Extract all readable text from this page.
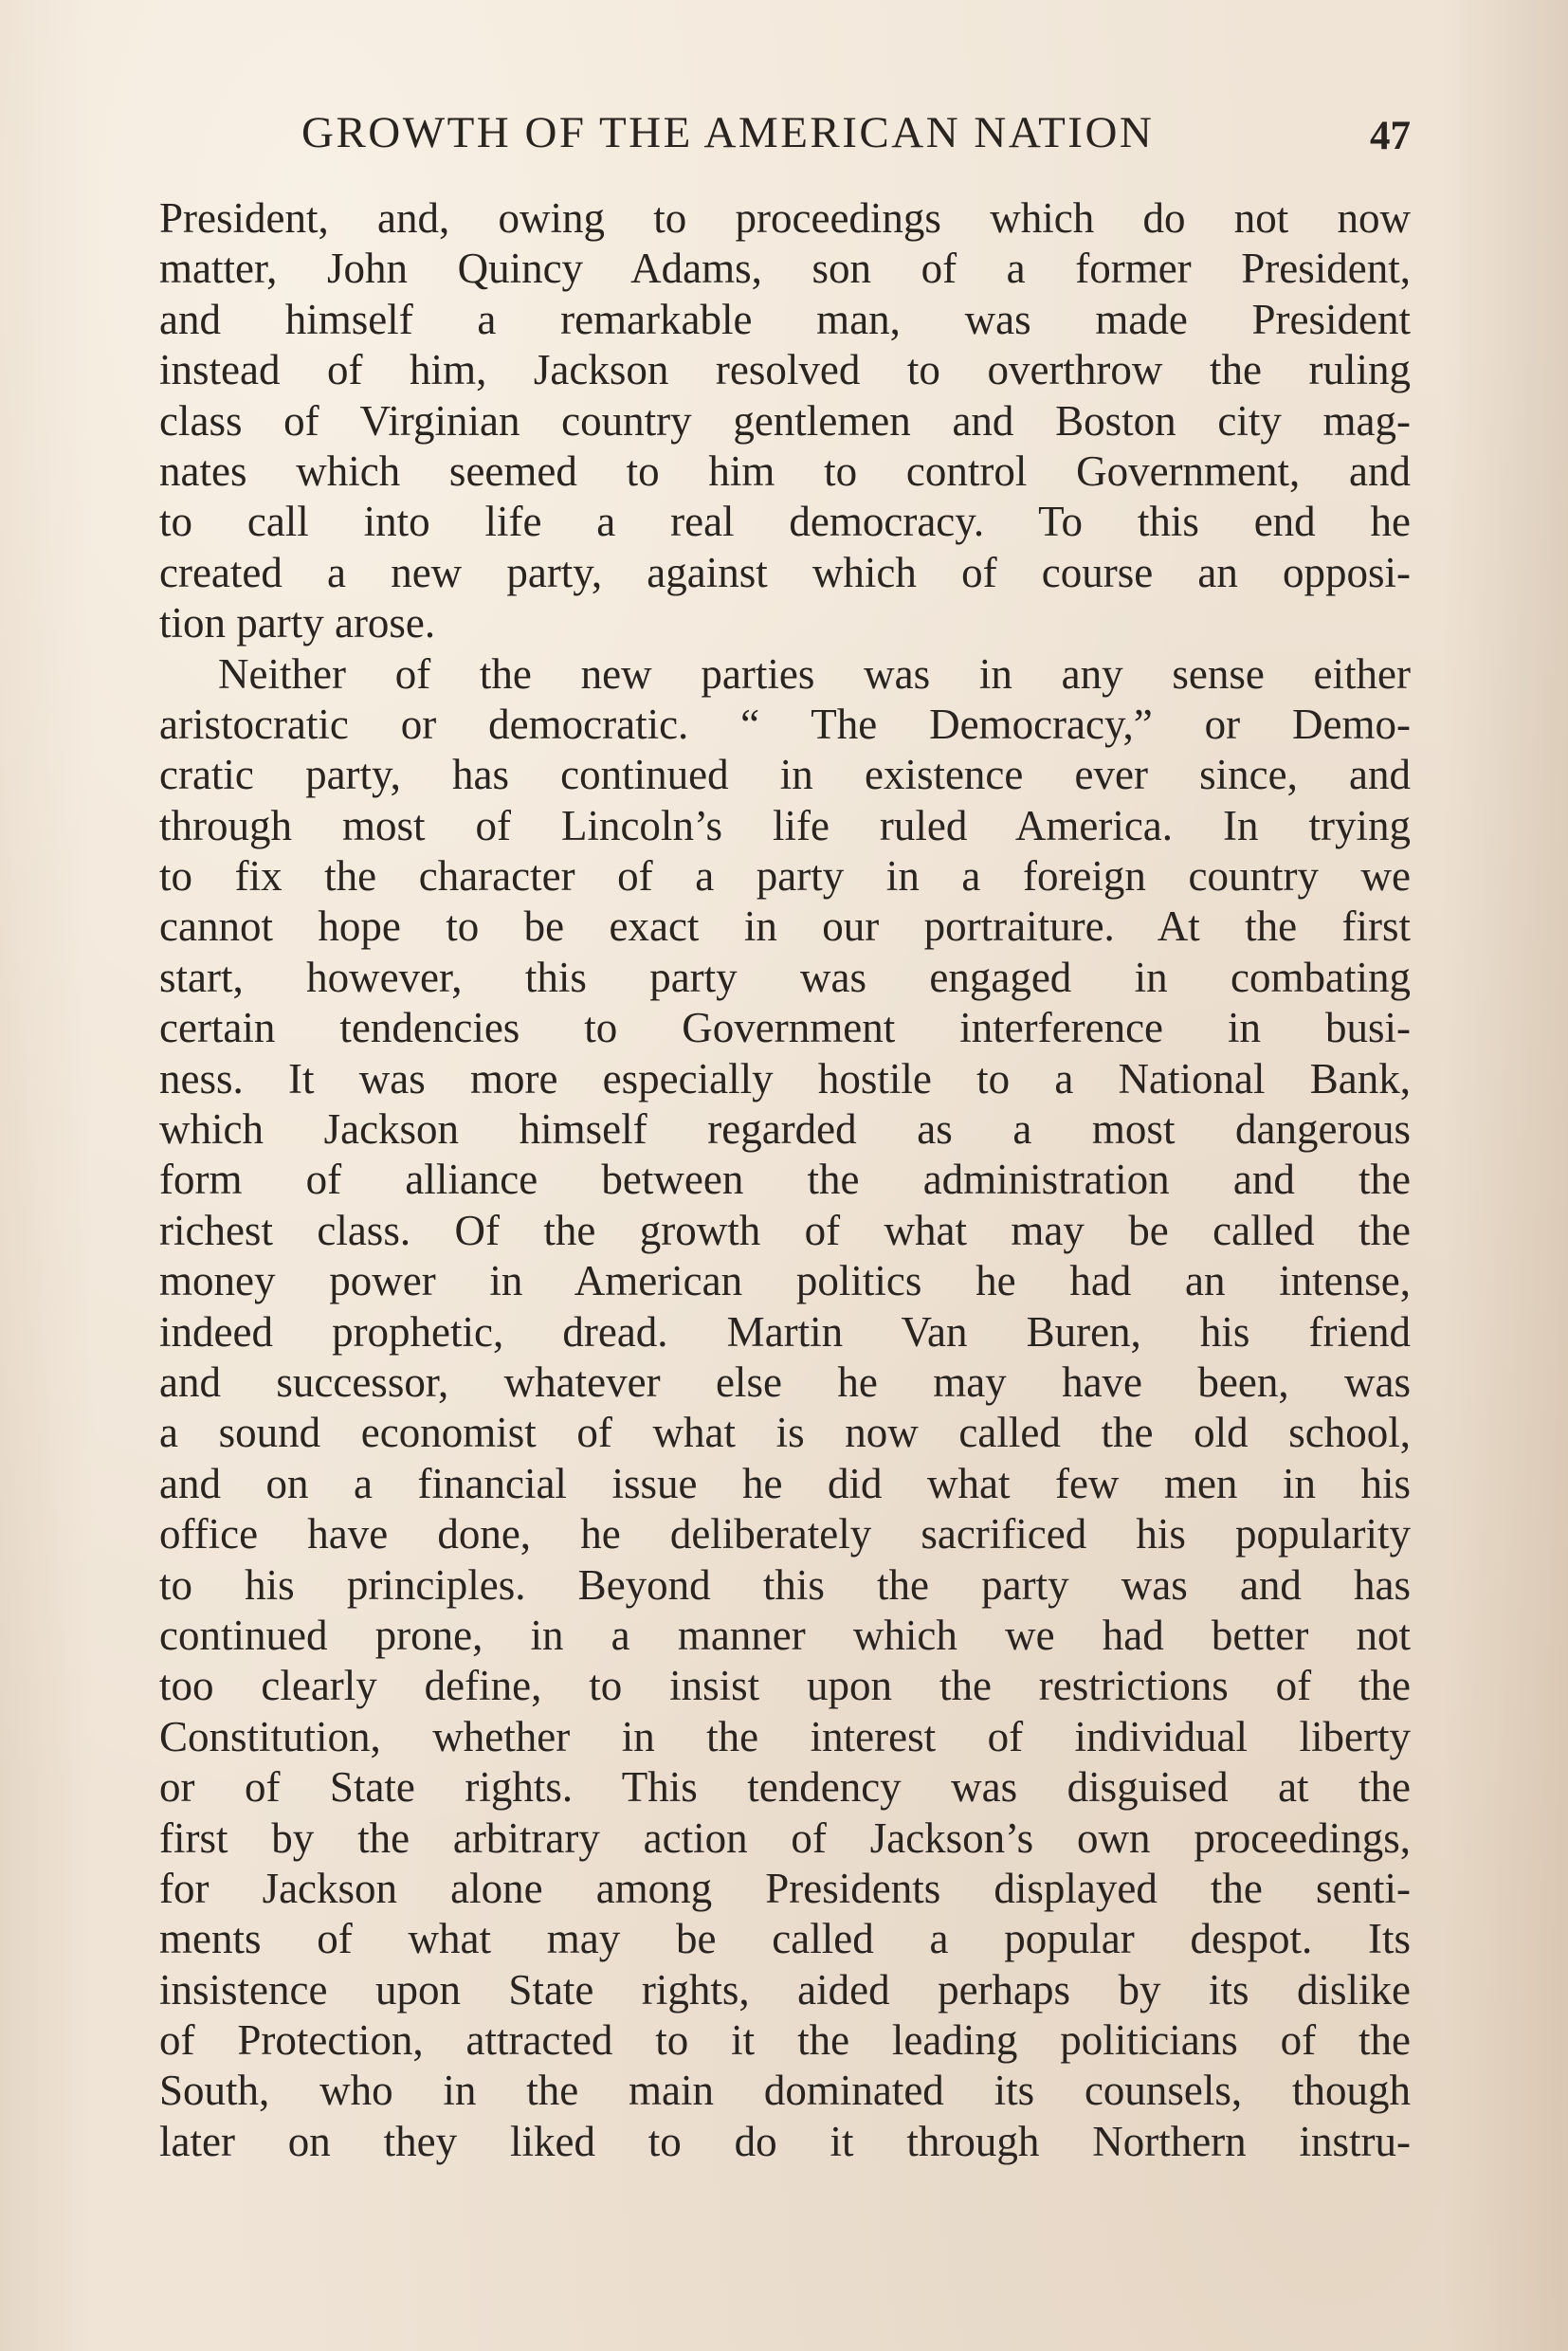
GROWTH OF THE AMERICAN NATION	47
President, and, owing to proceedings which do not now
matter, John Quincy Adams, son of a former President,
and himself a remarkable man, was made President
instead of him, Jackson resolved to overthrow the ruling
class of Virginian country gentlemen and Boston city mag-
nates which seemed to him to control Government, and
to call into life a real democracy. To this end he
created a new party, against which of course an opposi-
tion party arose.
Neither of the new parties was in any sense either
aristocratic or democratic. “ The Democracy,” or Demo-
cratic party, has continued in existence ever since, and
through most of Lincoln’s life ruled America. In trying
to fix the character of a party in a foreign country we
cannot hope to be exact in our portraiture. At the first
start, however, this party was engaged in combating
certain tendencies to Government interference in busi-
ness. It was more especially hostile to a National Bank,
which Jackson himself regarded as a most dangerous
form of alliance between the administration and the
richest class. Of the growth of what may be called the
money power in American politics he had an intense,
indeed prophetic, dread. Martin Van Buren, his friend
and successor, whatever else he may have been, was
a sound economist of what is now called the old school,
and on a financial issue he did what few men in his
office have done, he deliberately sacrificed his popularity
to his principles. Beyond this the party was and has
continued prone, in a manner which we had better not
too clearly define, to insist upon the restrictions of the
Constitution, whether in the interest of individual liberty
or of State rights. This tendency was disguised at the
first by the arbitrary action of Jackson’s own proceedings,
for Jackson alone among Presidents displayed the senti-
ments of what may be called a popular despot. Its
insistence upon State rights, aided perhaps by its dislike
of Protection, attracted to it the leading politicians of the
South, who in the main dominated its counsels, though
later on they liked to do it through Northern instru-
